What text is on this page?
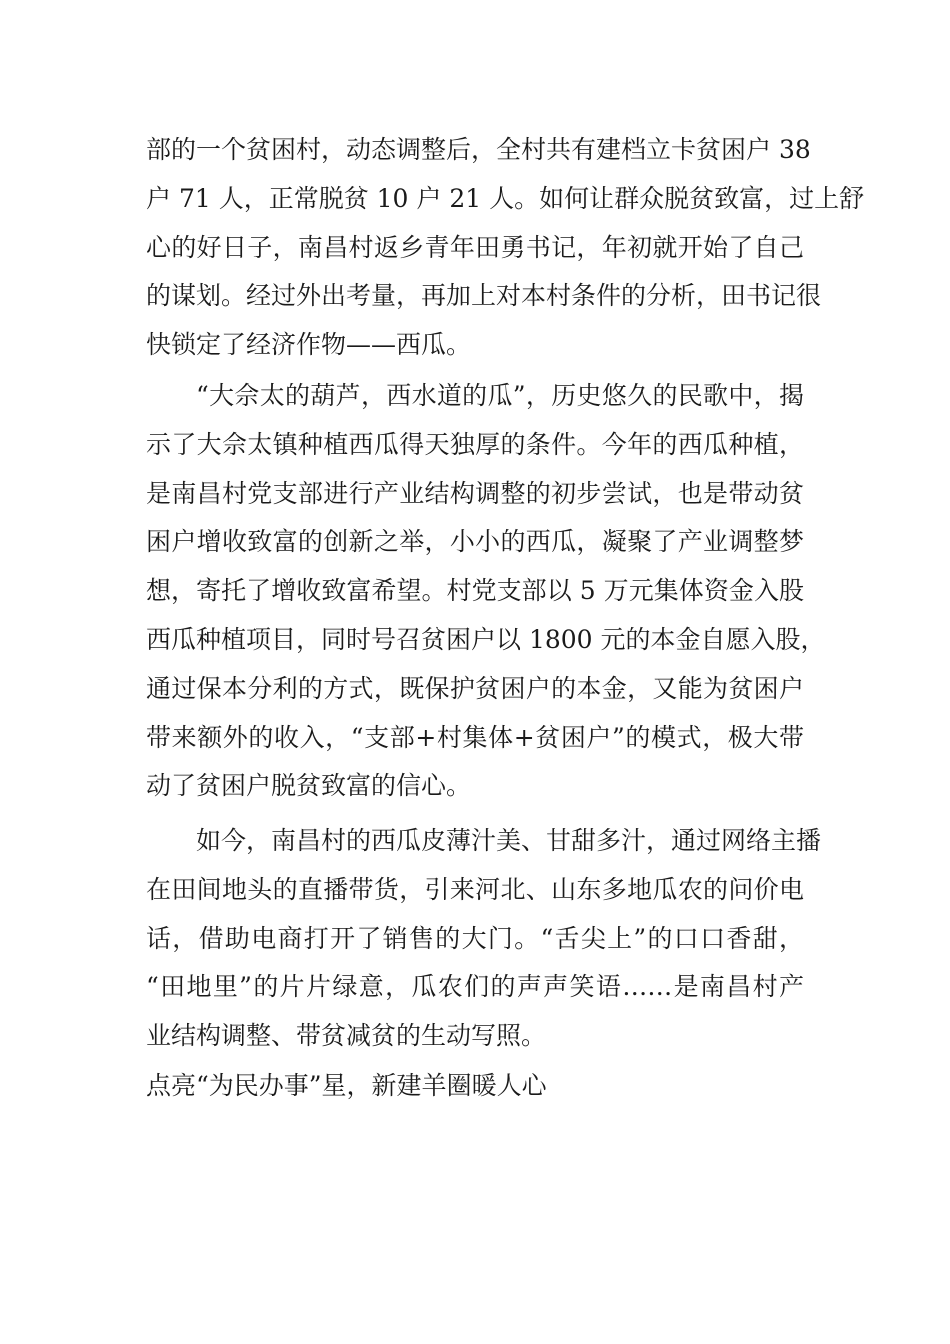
部的一个贫困村，动态调整后，全村共有建档立卡贫困户 38
户 71 人，正常脱贫 10 户 21 人。如何让群众脱贫致富，过上舒
心的好日子，南昌村返乡青年田勇书记，年初就开始了自己
的谋划。经过外出考量，再加上对本村条件的分析，田书记很
快锁定了经济作物——西瓜。
“大佘太的葫芦，西水道的瓜”，历史悠久的民歌中，揭
示了大佘太镇种植西瓜得天独厚的条件。今年的西瓜种植，
是南昌村党支部进行产业结构调整的初步尝试，也是带动贫
困户增收致富的创新之举，小小的西瓜，凝聚了产业调整梦
想，寄托了增收致富希望。村党支部以 5 万元集体资金入股
西瓜种植项目，同时号召贫困户以 1800 元的本金自愿入股，
通过保本分利的方式，既保护贫困户的本金，又能为贫困户
带来额外的收入，“支部+村集体+贫困户”的模式，极大带
动了贫困户脱贫致富的信心。
如今，南昌村的西瓜皮薄汁美、甘甜多汁，通过网络主播
在田间地头的直播带货，引来河北、山东多地瓜农的问价电
话，借助电商打开了销售的大门。“舌尖上”的口口香甜，
“田地里”的片片绿意，瓜农们的声声笑语……是南昌村产
业结构调整、带贫减贫的生动写照。
点亮“为民办事”星，新建羊圈暖人心
